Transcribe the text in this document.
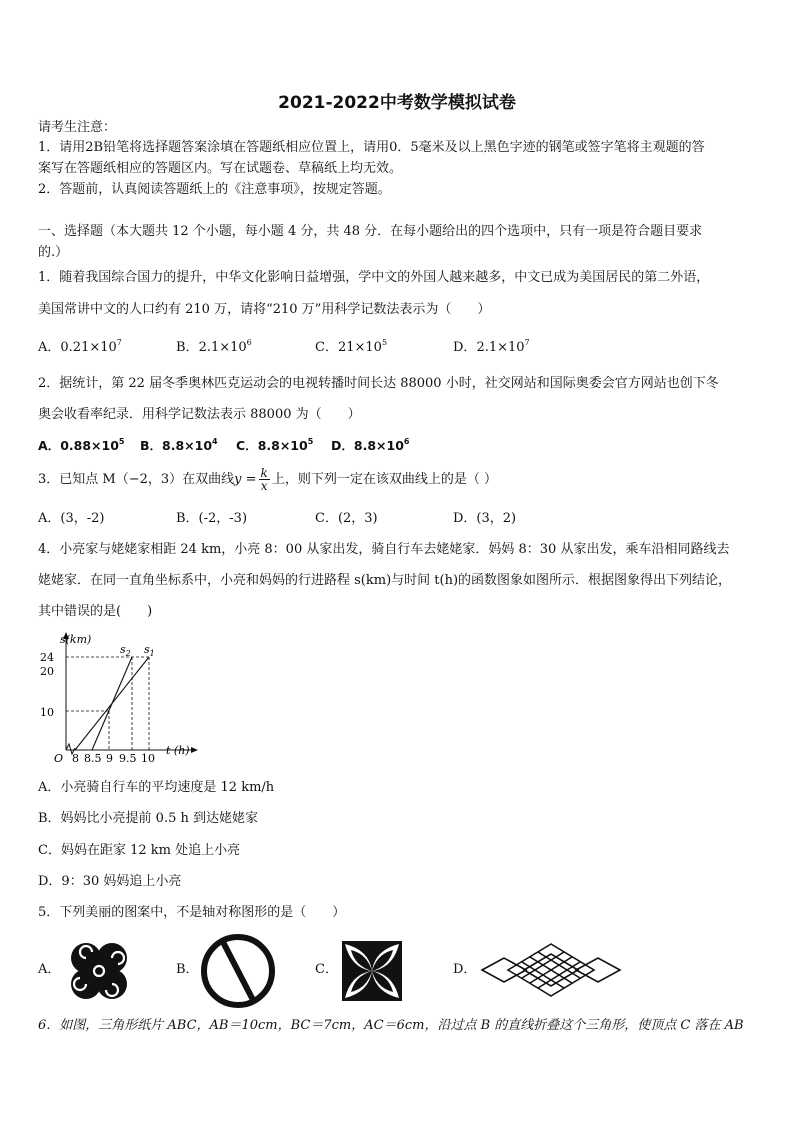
2021-2022中考数学模拟试卷
请考生注意：
1．请用2B铅笔将选择题答案涂填在答题纸相应位置上，请用0．5毫米及以上黑色字迹的钢笔或签字笔将主观题的答
案写在答题纸相应的答题区内。写在试题卷、草稿纸上均无效。
2．答题前，认真阅读答题纸上的《注意事项》，按规定答题。
一、选择题（本大题共 12 个小题，每小题 4 分，共 48 分．在每小题给出的四个选项中，只有一项是符合题目要求
的.）
1．随着我国综合国力的提升，中华文化影响日益增强，学中文的外国人越来越多，中文已成为美国居民的第二外语，
美国常讲中文的人口约有 210 万，请将“210 万”用科学记数法表示为（　　）
A．$0.21\times 10^7$	B．$2.1\times 10^6$	C．$21\times 10^5$	D．$2.1\times 10^7$
2．据统计，第 22 届冬季奥林匹克运动会的电视转播时间长达 88000 小时，社交网站和国际奥委会官方网站也创下冬
奥会收看率纪录．用科学记数法表示 88000 为（　　）
A．$0.88\times 10^5$ B．$8.8\times 10^4$ C．$8.8\times 10^5$ D．$8.8\times 10^6$
3．已知点 M（−2，3）在双曲线$y = \frac{k}{x}$ 上，则下列一定在该双曲线上的是（ ）
A．(3，-2)	B．(-2，-3)	C．(2，3)	D．(3，2)
4．小亮家与姥姥家相距 24 km，小亮 8：00 从家出发，骑自行车去姥姥家．妈妈 8：30 从家出发，乘车沿相同路线去
姥姥家．在同一直角坐标系中，小亮和妈妈的行进路程 s(km)与时间 t(h)的函数图象如图所示．根据图象得出下列结论，
其中错误的是(　　)
s(km)
t (h)
O
24
20
10
8 8.5 9 9.5 10
$s_2$ $s_1$
A．小亮骑自行车的平均速度是 12 km/h
B．妈妈比小亮提前 0.5 h 到达姥姥家
C．妈妈在距家 12 km 处追上小亮
D．9：30 妈妈追上小亮
5．下列美丽的图案中，不是轴对称图形的是（　　）
A．	B．	C．	D．
6．如图，三角形纸片 ABC，AB＝10cm，BC＝7cm，AC＝6cm，沿过点 B 的直线折叠这个三角形，使顶点 C 落在 AB
